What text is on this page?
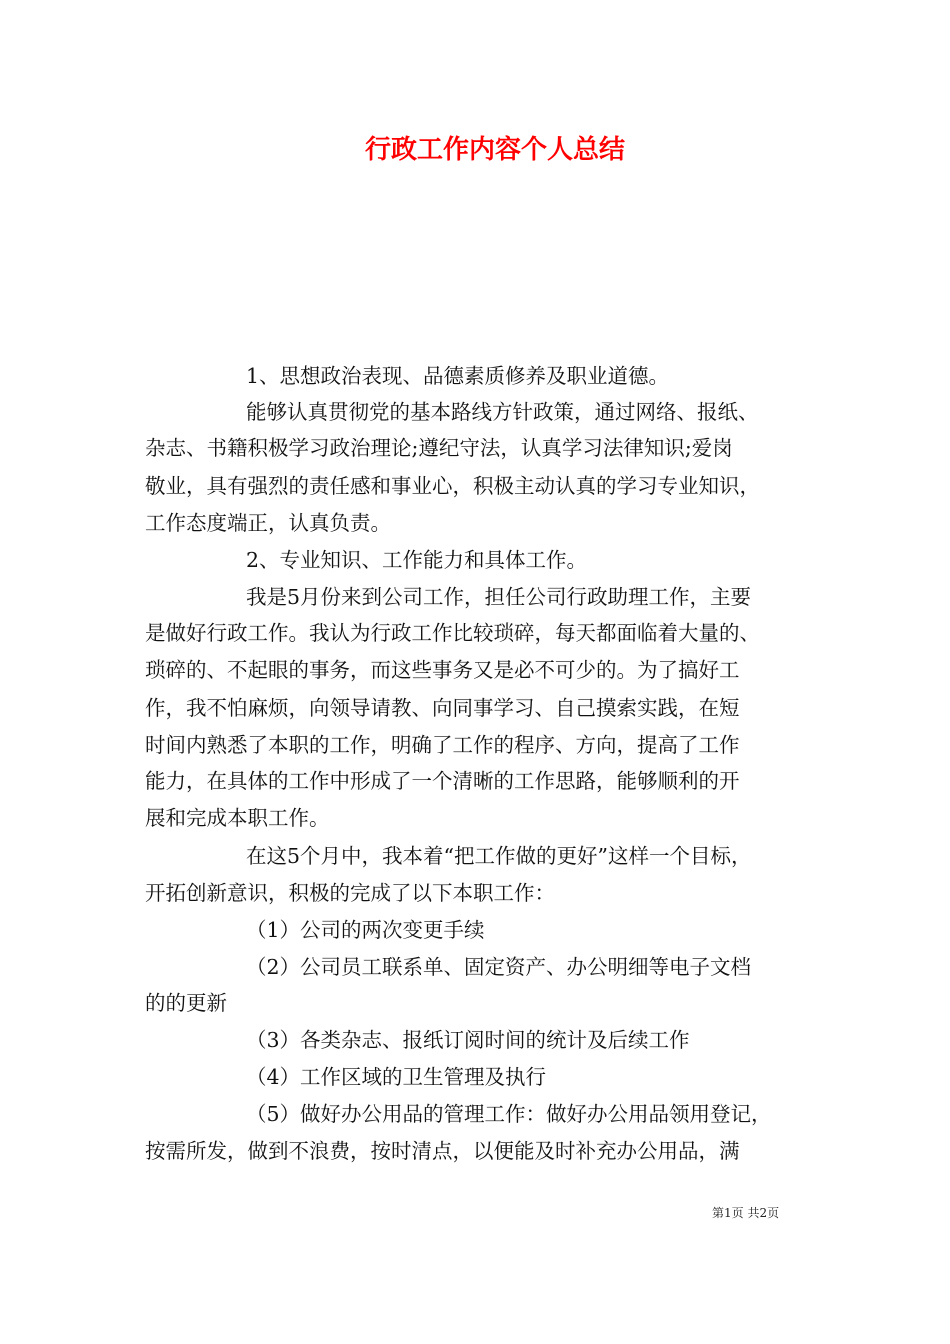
行政工作内容个人总结
1、思想政治表现、品德素质修养及职业道德。
能够认真贯彻党的基本路线方针政策，通过网络、报纸、
杂志、书籍积极学习政治理论;遵纪守法，认真学习法律知识;爱岗
敬业，具有强烈的责任感和事业心，积极主动认真的学习专业知识，
工作态度端正，认真负责。
2、专业知识、工作能力和具体工作。
我是5月份来到公司工作，担任公司行政助理工作，主要
是做好行政工作。我认为行政工作比较琐碎，每天都面临着大量的、
琐碎的、不起眼的事务，而这些事务又是必不可少的。为了搞好工
作，我不怕麻烦，向领导请教、向同事学习、自己摸索实践，在短
时间内熟悉了本职的工作，明确了工作的程序、方向，提高了工作
能力，在具体的工作中形成了一个清晰的工作思路，能够顺利的开
展和完成本职工作。
在这5个月中，我本着“把工作做的更好”这样一个目标，
开拓创新意识，积极的完成了以下本职工作：
（1）公司的两次变更手续
（2）公司员工联系单、固定资产、办公明细等电子文档
的的更新
（3）各类杂志、报纸订阅时间的统计及后续工作
（4）工作区域的卫生管理及执行
（5）做好办公用品的管理工作：做好办公用品领用登记，
按需所发，做到不浪费，按时清点，以便能及时补充办公用品，满
第1页 共2页
